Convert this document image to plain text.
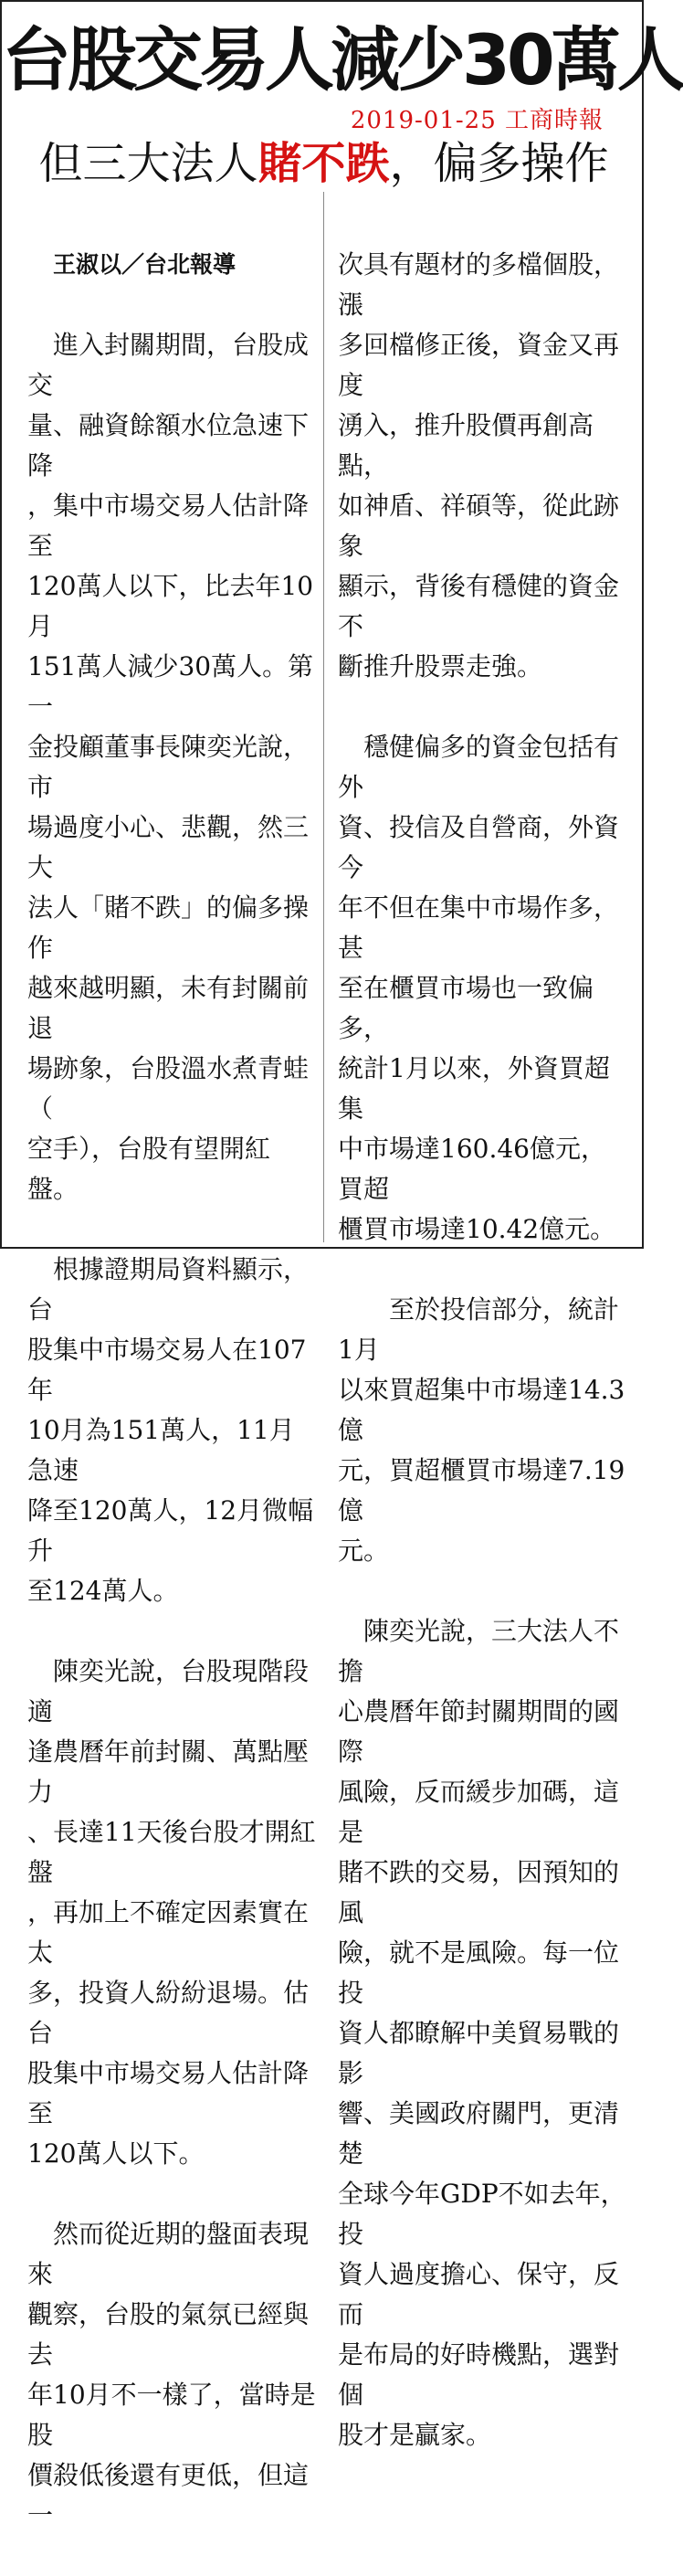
台股交易人減少30萬人
2019-01-25 工商時報
但三大法人賭不跌，偏多操作

王淑以／台北報導

　進入封關期間，台股成交
量、融資餘額水位急速下降
，集中市場交易人估計降至
120萬人以下，比去年10月
151萬人減少30萬人。第一
金投顧董事長陳奕光說，市
場過度小心、悲觀，然三大
法人「賭不跌」的偏多操作
越來越明顯，未有封關前退
場跡象，台股溫水煮青蛙（
空手），台股有望開紅盤。

　根據證期局資料顯示，台
股集中市場交易人在107年
10月為151萬人，11月急速
降至120萬人，12月微幅升
至124萬人。

　陳奕光說，台股現階段適
逢農曆年前封關、萬點壓力
、長達11天後台股才開紅盤
，再加上不確定因素實在太
多，投資人紛紛退場。估台
股集中市場交易人估計降至
120萬人以下。

　然而從近期的盤面表現來
觀察，台股的氣氛已經與去
年10月不一樣了，當時是股
價殺低後還有更低，但這一

次具有題材的多檔個股，漲
多回檔修正後，資金又再度
湧入，推升股價再創高點，
如神盾、祥碩等，從此跡象
顯示，背後有穩健的資金不
斷推升股票走強。

　穩健偏多的資金包括有外
資、投信及自營商，外資今
年不但在集中市場作多，甚
至在櫃買市場也一致偏多，
統計1月以來，外資買超集
中市場達160.46億元，買超
櫃買市場達10.42億元。

　　至於投信部分，統計1月
以來買超集中市場達14.3億
元，買超櫃買市場達7.19億
元。

　陳奕光說，三大法人不擔
心農曆年節封關期間的國際
風險，反而緩步加碼，這是
賭不跌的交易，因預知的風
險，就不是風險。每一位投
資人都瞭解中美貿易戰的影
響、美國政府關門，更清楚
全球今年GDP不如去年，投
資人過度擔心、保守，反而
是布局的好時機點，選對個
股才是贏家。
